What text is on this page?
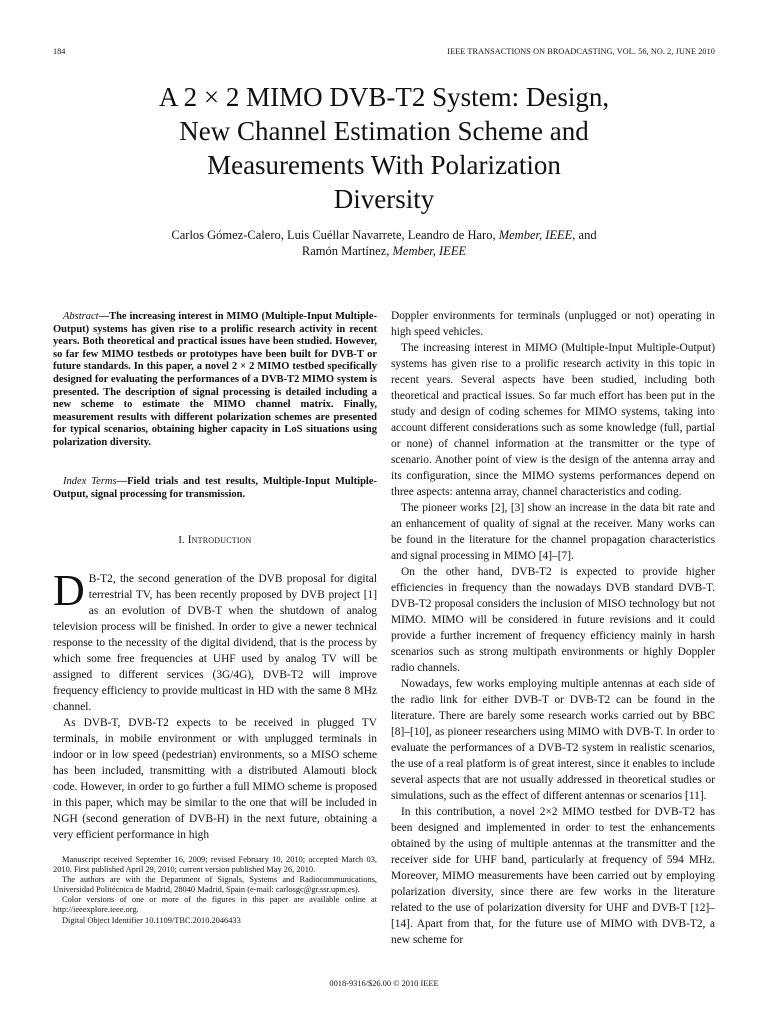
184	IEEE TRANSACTIONS ON BROADCASTING, VOL. 56, NO. 2, JUNE 2010
A 2 × 2 MIMO DVB-T2 System: Design,
New Channel Estimation Scheme and
Measurements With Polarization
Diversity
Carlos Gómez-Calero, Luis Cuéllar Navarrete, Leandro de Haro, Member, IEEE, and
Ramón Martínez, Member, IEEE

Abstract—The increasing interest in MIMO (Multiple-Input Multiple-Output) systems has given rise to a prolific research activity in recent years. Both theoretical and practical issues have been studied. However, so far few MIMO testbeds or prototypes have been built for DVB-T or future standards. In this paper, a novel 2 × 2 MIMO testbed specifically designed for evaluating the performances of a DVB-T2 MIMO system is presented. The description of signal processing is detailed including a new scheme to estimate the MIMO channel matrix. Finally, measurement results with different polarization schemes are presented for typical scenarios, obtaining higher capacity in LoS situations using polarization diversity.

Index Terms—Field trials and test results, Multiple-Input Multiple-Output, signal processing for transmission.

I. Introduction

D B-T2, the second generation of the DVB proposal for digital terrestrial TV, has been recently proposed by DVB project [1] as an evolution of DVB-T when the shutdown of analog television process will be finished. In order to give a newer technical response to the necessity of the digital dividend, that is the process by which some free frequencies at UHF used by analog TV will be assigned to different services (3G/4G), DVB-T2 will improve frequency efficiency to provide multicast in HD with the same 8 MHz channel.

As DVB-T, DVB-T2 expects to be received in plugged TV terminals, in mobile environment or with unplugged terminals in indoor or in low speed (pedestrian) environments, so a MISO scheme has been included, transmitting with a distributed Alamouti block code. However, in order to go further a full MIMO scheme is proposed in this paper, which may be similar to the one that will be included in NGH (second generation of DVB-H) in the next future, obtaining a very efficient performance in high

Manuscript received September 16, 2009; revised February 10, 2010; accepted March 03, 2010. First published April 29, 2010; current version published May 26, 2010.

The authors are with the Department of Signals, Systems and Radiocommunications, Universidad Politécnica de Madrid, 28040 Madrid, Spain (e-mail: carlosgc@gr.ssr.upm.es).

Color versions of one or more of the figures in this paper are available online at http://ieeexplore.ieee.org.

Digital Object Identifier 10.1109/TBC.2010.2046433

Doppler environments for terminals (unplugged or not) operating in high speed vehicles.

The increasing interest in MIMO (Multiple-Input Multiple-Output) systems has given rise to a prolific research activity in this topic in recent years. Several aspects have been studied, including both theoretical and practical issues. So far much effort has been put in the study and design of coding schemes for MIMO systems, taking into account different considerations such as some knowledge (full, partial or none) of channel information at the transmitter or the type of scenario. Another point of view is the design of the antenna array and its configuration, since the MIMO systems performances depend on three aspects: antenna array, channel characteristics and coding.

The pioneer works [2], [3] show an increase in the data bit rate and an enhancement of quality of signal at the receiver. Many works can be found in the literature for the channel propagation characteristics and signal processing in MIMO [4]–[7].

On the other hand, DVB-T2 is expected to provide higher efficiencies in frequency than the nowadays DVB standard DVB-T. DVB-T2 proposal considers the inclusion of MISO technology but not MIMO. MIMO will be considered in future revisions and it could provide a further increment of frequency efficiency mainly in harsh scenarios such as strong multipath environments or highly Doppler radio channels.

Nowadays, few works employing multiple antennas at each side of the radio link for either DVB-T or DVB-T2 can be found in the literature. There are barely some research works carried out by BBC [8]–[10], as pioneer researchers using MIMO with DVB-T. In order to evaluate the performances of a DVB-T2 system in realistic scenarios, the use of a real platform is of great interest, since it enables to include several aspects that are not usually addressed in theoretical studies or simulations, such as the effect of different antennas or scenarios [11].

In this contribution, a novel 2×2 MIMO testbed for DVB-T2 has been designed and implemented in order to test the enhancements obtained by the using of multiple antennas at the transmitter and the receiver side for UHF band, particularly at frequency of 594 MHz. Moreover, MIMO measurements have been carried out by employing polarization diversity, since there are few works in the literature related to the use of polarization diversity for UHF and DVB-T [12]–[14]. Apart from that, for the future use of MIMO with DVB-T2, a new scheme for

0018-9316/$26.00 © 2010 IEEE
